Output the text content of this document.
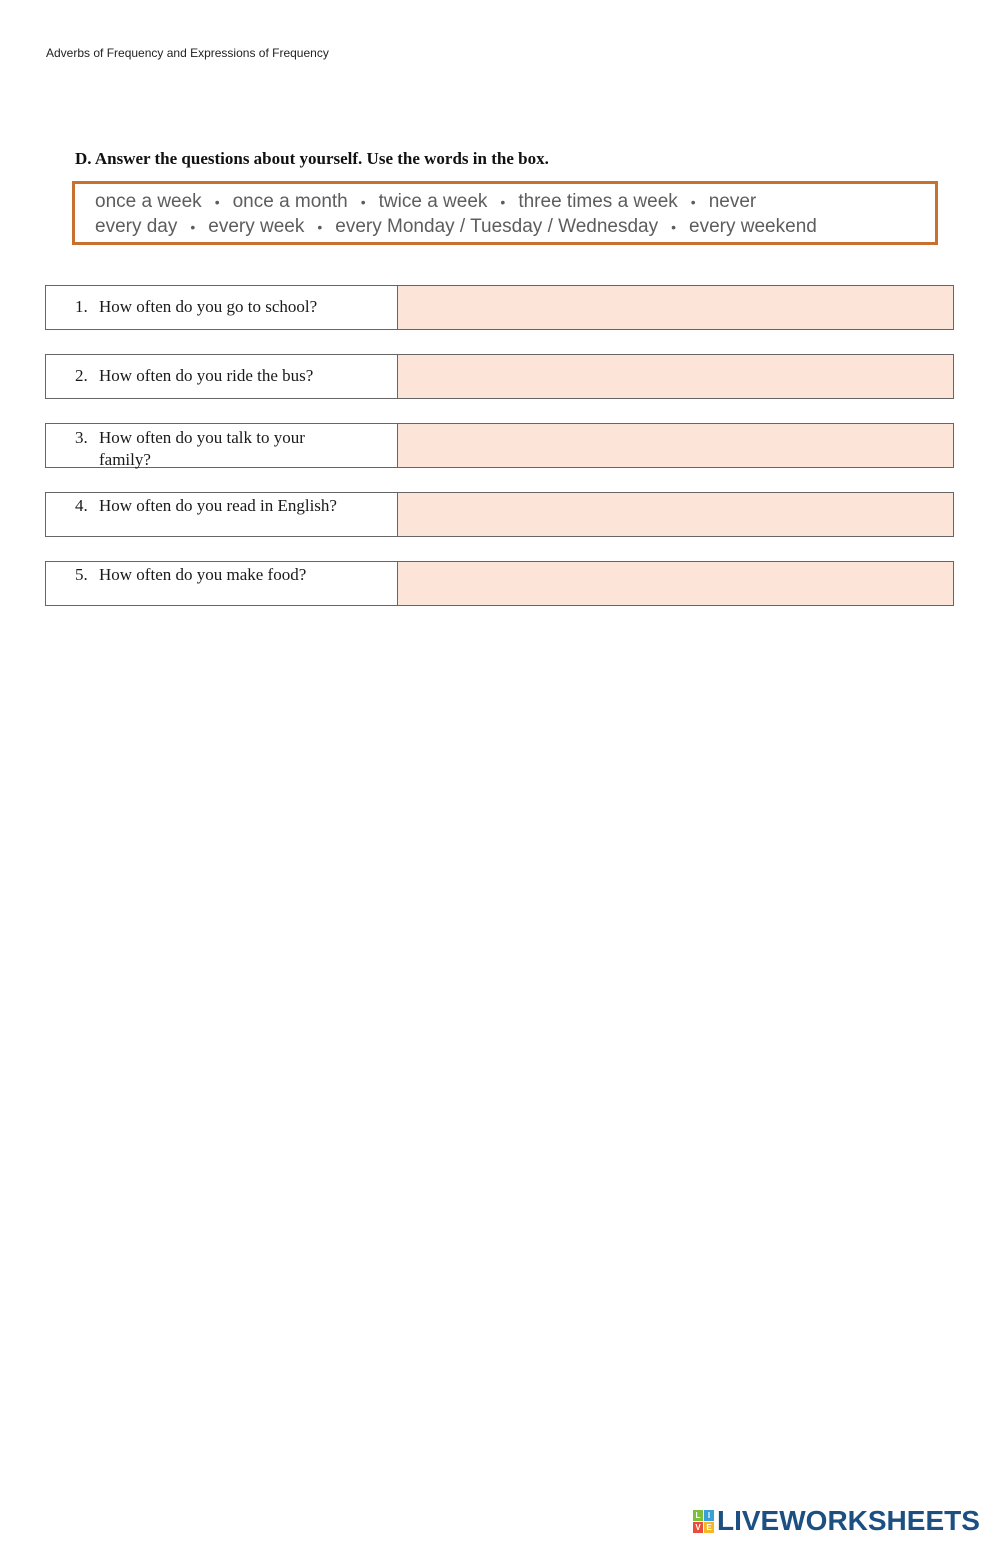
Adverbs of Frequency and Expressions of Frequency
D. Answer the questions about yourself. Use the words in the box.
once a week • once a month • twice a week • three times a week • never
every day • every week • every Monday / Tuesday / Wednesday • every weekend
1. How often do you go to school?
2. How often do you ride the bus?
3. How often do you talk to your family?
4. How often do you read in English?
5. How often do you make food?
L I
V E LIVEWORKSHEETS
